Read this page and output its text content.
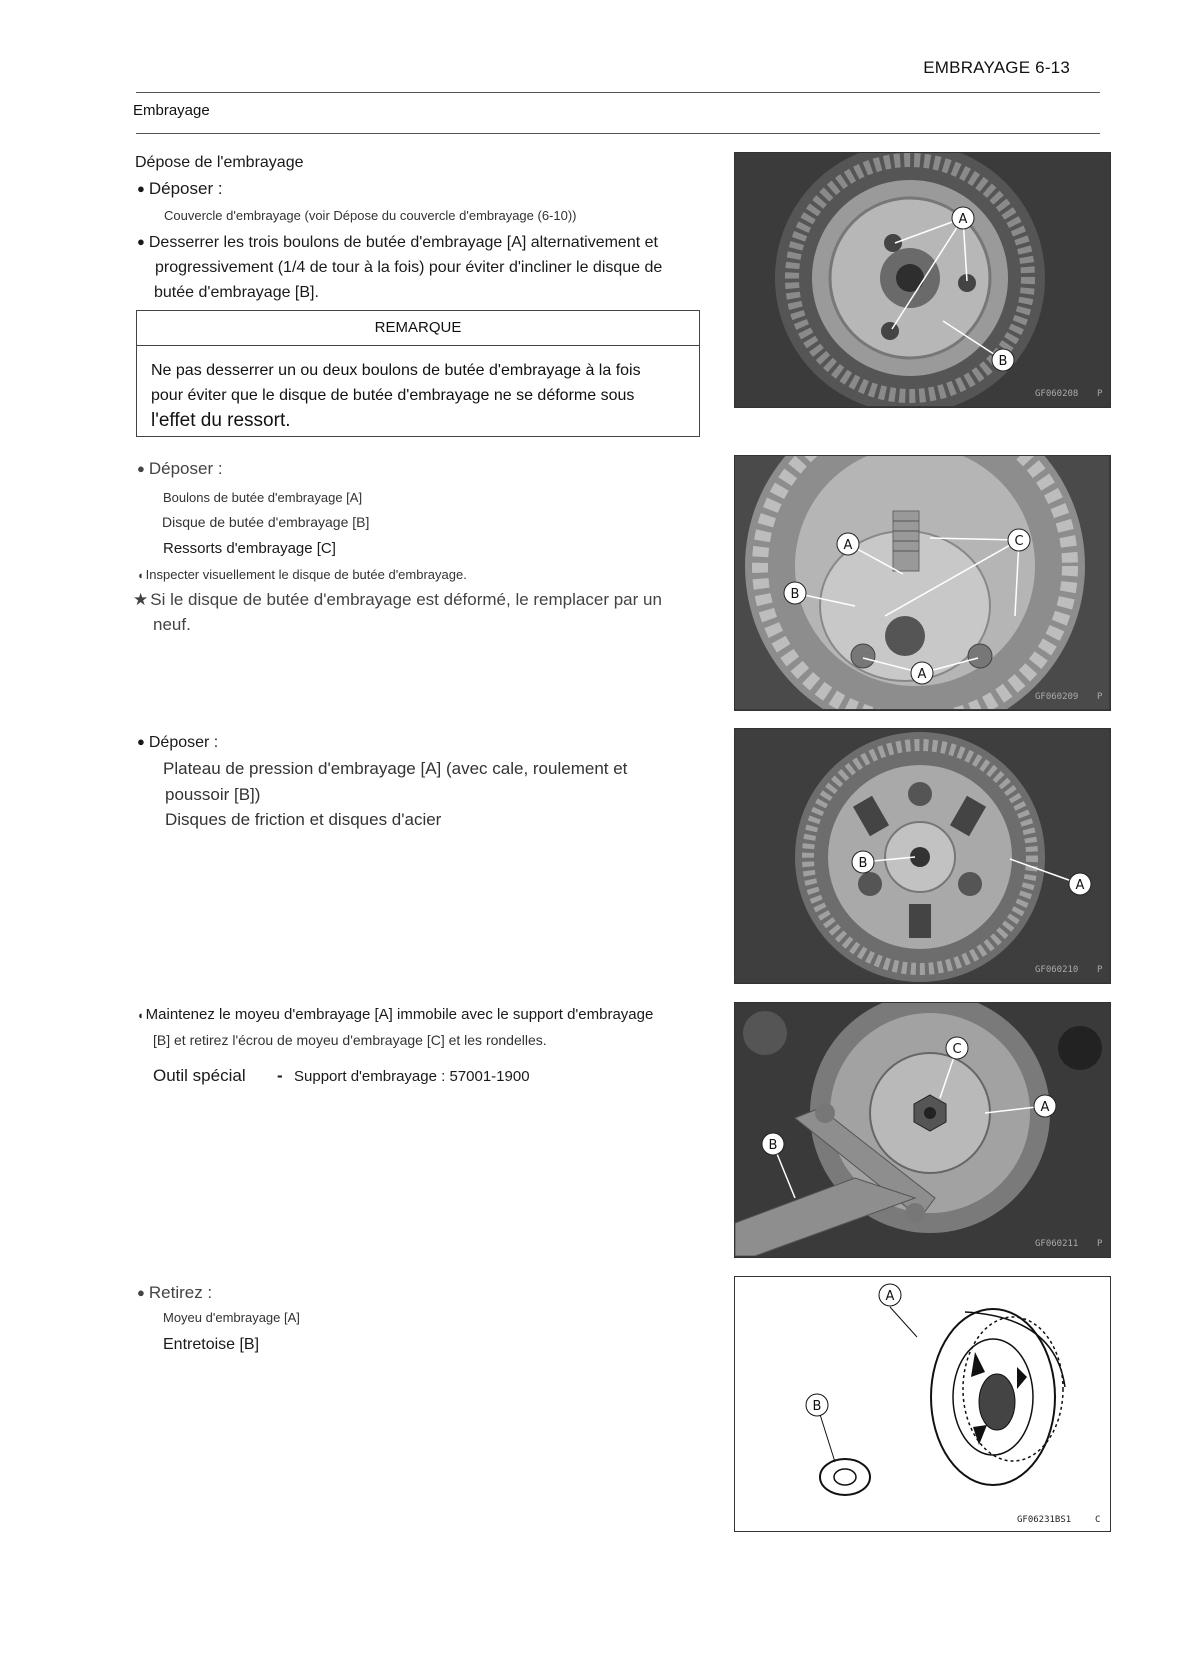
EMBRAYAGE 6-13
Embrayage
Dépose de l'embrayage
● Déposer :
Couvercle d'embrayage (voir Dépose du couvercle d'embrayage (6-10))
● Desserrer les trois boulons de butée d'embrayage [A] alternativement et
progressivement (1/4 de tour à la fois) pour éviter d'incliner le disque de
butée d'embrayage [B].
REMARQUE
Ne pas desserrer un ou deux boulons de butée d'embrayage à la fois
pour éviter que le disque de butée d'embrayage ne se déforme sous
l'effet du ressort.
● Déposer :
Boulons de butée d'embrayage [A]
Disque de butée d'embrayage [B]
Ressorts d'embrayage [C]
◖ Inspecter visuellement le disque de butée d'embrayage.
★ Si le disque de butée d'embrayage est déformé, le remplacer par un
neuf.
● Déposer :
Plateau de pression d'embrayage [A] (avec cale, roulement et
poussoir [B])
Disques de friction et disques d'acier
◖ Maintenez le moyeu d'embrayage [A] immobile avec le support d'embrayage
[B] et retirez l'écrou de moyeu d'embrayage [C] et les rondelles.
Outil spécial - Support d'embrayage : 57001-1900
● Retirez :
Moyeu d'embrayage [A]
Entretoise [B]
A
B
GF060208 P
A
B
C
A
GF060209 P
B
A
GF060210 P
C
A
B
GF060211 P
A
B
GF06231BS1	C
